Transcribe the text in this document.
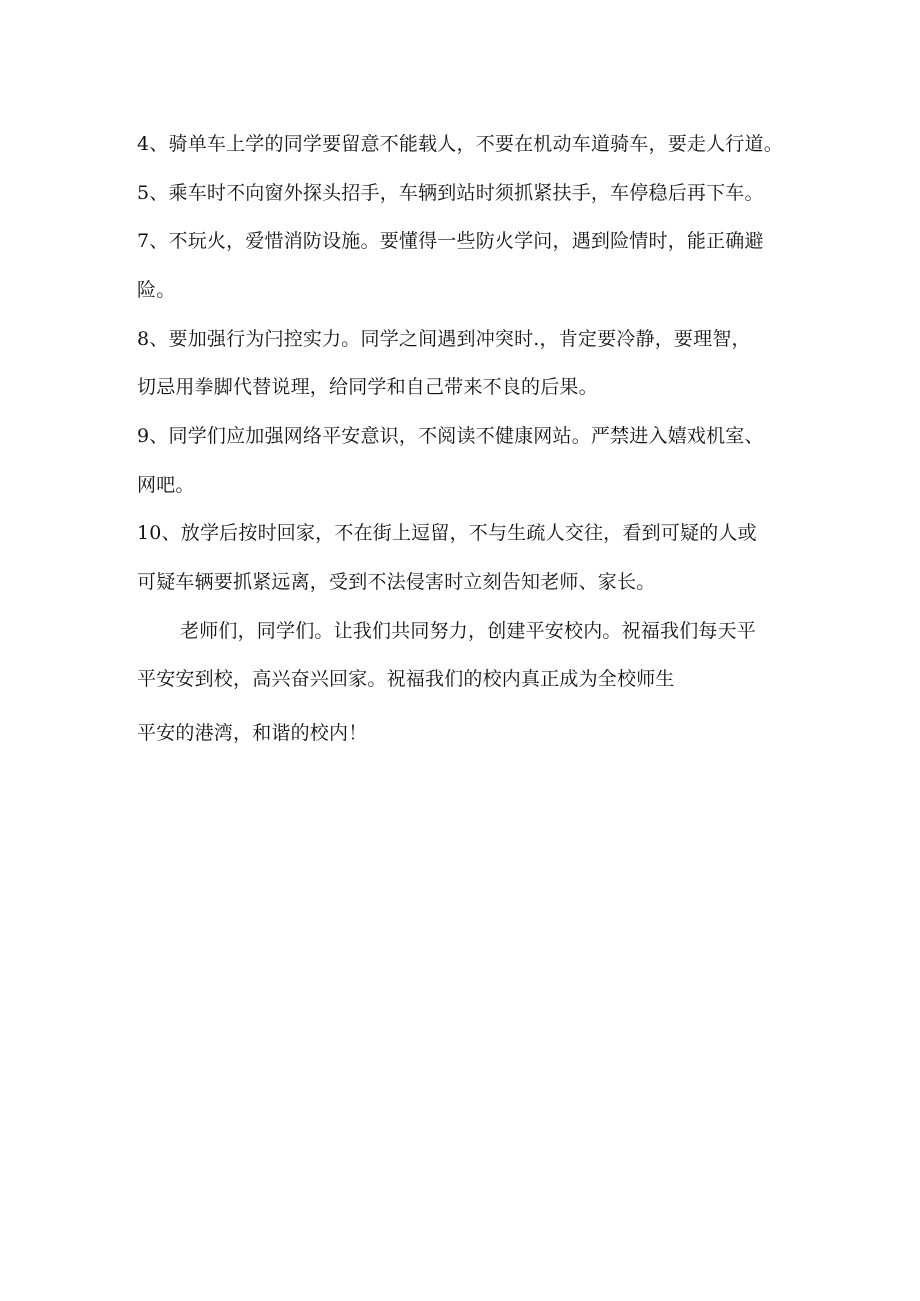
4、骑单车上学的同学要留意不能载人，不要在机动车道骑车，要走人行道。
5、乘车时不向窗外探头招手，车辆到站时须抓紧扶手，车停稳后再下车。
7、不玩火，爱惜消防设施。要懂得一些防火学问，遇到险情时，能正确避
险。
8、要加强行为闩控实力。同学之间遇到冲突时.，肯定要冷静，要理智，
切忌用拳脚代替说理，给同学和自己带来不良的后果。
9、同学们应加强网络平安意识，不阅读不健康网站。严禁进入嬉戏机室、
网吧。
10、放学后按时回家，不在街上逗留，不与生疏人交往，看到可疑的人或
可疑车辆要抓紧远离，受到不法侵害时立刻告知老师、家长。
老师们，同学们。让我们共同努力，创建平安校内。祝福我们每天平
平安安到校，高兴奋兴回家。祝福我们的校内真正成为全校师生
平安的港湾，和谐的校内！
